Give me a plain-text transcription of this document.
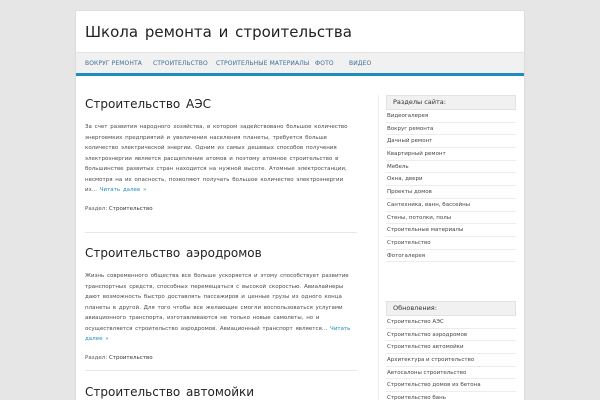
Школа ремонта и строительства
ВОКРУГ РЕМОНТА СТРОИТЕЛЬСТВО СТРОИТЕЛЬНЫЕ МАТЕРИАЛЫ ФОТО	ВИДЕО
Строительство АЭС
За счет развития народного хозяйства, в котором задействовано большое количество энергоемких предприятий и увеличения населения планеты, требуется больше количество электрической энергии. Одним из самых дешевых способов получения электроэнергии является расщепление атомов и поэтому атомное строительство в большинстве развитых стран находится на нужной высоте. Атомные электростанции, несмотря на их опасность, позволяют получать большое количество электроэнергии из… Читать далее »
Раздел: Строительство
Строительство аэродромов
Жизнь современного общества все больше ускоряется и этому способствует развитие транспортных средств, способных перемещаться с высокой скоростью. Авиалайнеры дают возможность быстро доставлять пассажиров и ценные грузы из одного конца планеты в другой. Для того чтобы все желающие смогли воспользоваться услугами авиационного транспорта, изготавливаются не только новые самолеты, но и осуществляется строительство аэродромов. Авиационный транспорт является… Читать далее »
Раздел: Строительство
Строительство автомойки
Разделы сайта:
Видеогалерея
Вокруг ремонта
Дачный ремонт
Квартирный ремонт
Мебель
Окна, двери
Проекты домов
Сантехника, ванн, бассейны
Стены, потолки, полы
Строительные материалы
Строительство
Фотогалерея
Обновления:
Строительство АЭС
Строительство аэродромов
Строительство автомойки
Архитектура и строительство
Автосалоны строительство
Строительство домов из бетона
Строительство бань
